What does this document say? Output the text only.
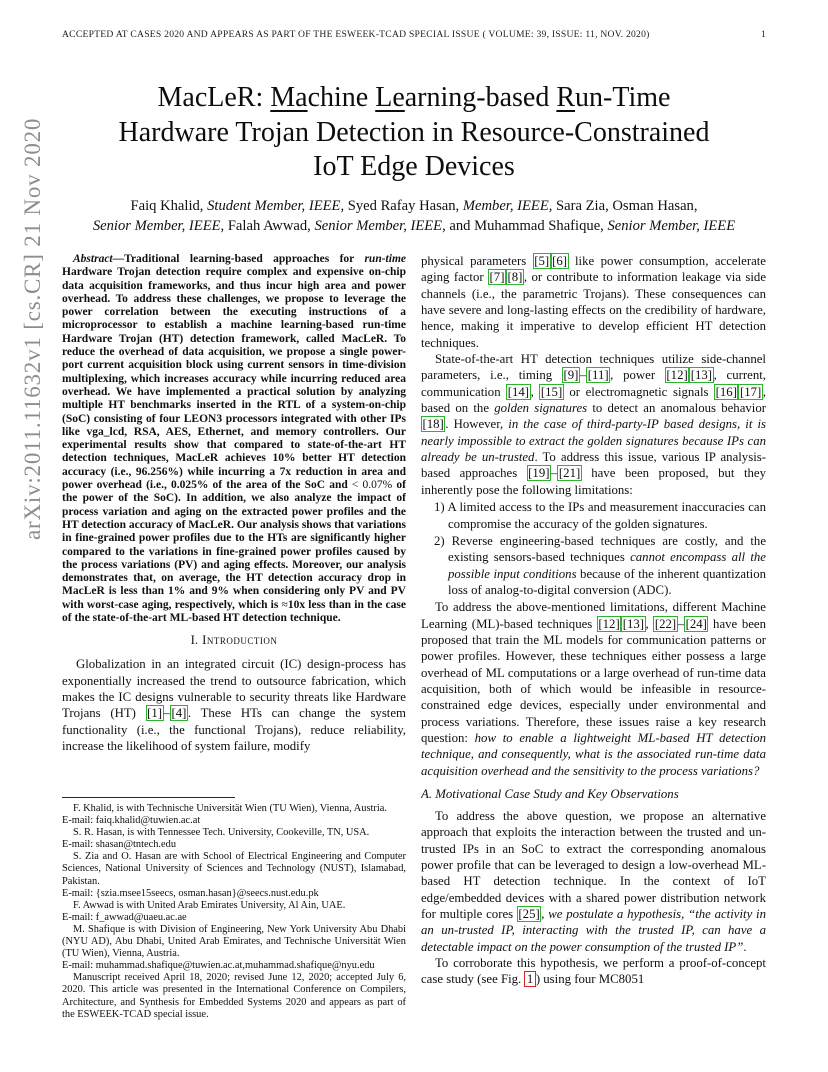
ACCEPTED AT CASES 2020 AND APPEARS AS PART OF THE ESWEEK-TCAD SPECIAL ISSUE ( VOLUME: 39, ISSUE: 11, NOV. 2020)	1
arXiv:2011.11632v1 [cs.CR] 21 Nov 2020
MacLeR: Machine Learning-based Run-Time
Hardware Trojan Detection in Resource-Constrained
IoT Edge Devices
Faiq Khalid, Student Member, IEEE, Syed Rafay Hasan, Member, IEEE, Sara Zia, Osman Hasan,
Senior Member, IEEE, Falah Awwad, Senior Member, IEEE, and Muhammad Shafique, Senior Member, IEEE

Abstract—Traditional learning-based approaches for run-time Hardware Trojan detection require complex and expensive on-chip data acquisition frameworks, and thus incur high area and power overhead. To address these challenges, we propose to leverage the power correlation between the executing instructions of a microprocessor to establish a machine learning-based run-time Hardware Trojan (HT) detection framework, called MacLeR. To reduce the overhead of data acquisition, we propose a single power-port current acquisition block using current sensors in time-division multiplexing, which increases accuracy while incurring reduced area overhead. We have implemented a practical solution by analyzing multiple HT benchmarks inserted in the RTL of a system-on-chip (SoC) consisting of four LEON3 processors integrated with other IPs like vga_lcd, RSA, AES, Ethernet, and memory controllers. Our experimental results show that compared to state-of-the-art HT detection techniques, MacLeR achieves 10% better HT detection accuracy (i.e., 96.256%) while incurring a 7x reduction in area and power overhead (i.e., 0.025% of the area of the SoC and < 0.07% of the power of the SoC). In addition, we also analyze the impact of process variation and aging on the extracted power profiles and the HT detection accuracy of MacLeR. Our analysis shows that variations in fine-grained power profiles due to the HTs are significantly higher compared to the variations in fine-grained power profiles caused by the process variations (PV) and aging effects. Moreover, our analysis demonstrates that, on average, the HT detection accuracy drop in MacLeR is less than 1% and 9% when considering only PV and PV with worst-case aging, respectively, which is ≈10x less than in the case of the state-of-the-art ML-based HT detection technique.

I. Introduction

Globalization in an integrated circuit (IC) design-process has exponentially increased the trend to outsource fabrication, which makes the IC designs vulnerable to security threats like Hardware Trojans (HT) [1] – [4] . These HTs can change the system functionality (i.e., the functional Trojans), reduce reliability, increase the likelihood of system failure, modify

F. Khalid, is with Technische Universität Wien (TU Wien), Vienna, Austria.

E-mail: faiq.khalid@tuwien.ac.at

S. R. Hasan, is with Tennessee Tech. University, Cookeville, TN, USA.

E-mail: shasan@tntech.edu

S. Zia and O. Hasan are with School of Electrical Engineering and Computer Sciences, National University of Sciences and Technology (NUST), Islamabad, Pakistan.

E-mail: {szia.msee15seecs, osman.hasan}@seecs.nust.edu.pk

F. Awwad is with United Arab Emirates University, Al Ain, UAE.

E-mail: f_awwad@uaeu.ac.ae

M. Shafique is with Division of Engineering, New York University Abu Dhabi (NYU AD), Abu Dhabi, United Arab Emirates, and Technische Universität Wien (TU Wien), Vienna, Austria.

E-mail: muhammad.shafique@tuwien.ac.at,muhammad.shafique@nyu.edu

Manuscript received April 18, 2020; revised June 12, 2020; accepted July 6, 2020. This article was presented in the International Conference on Compilers, Architecture, and Synthesis for Embedded Systems 2020 and appears as part of the ESWEEK-TCAD special issue.

physical parameters [5] [6] like power consumption, accelerate aging factor [7] [8] , or contribute to information leakage via side channels (i.e., the parametric Trojans). These consequences can have severe and long-lasting effects on the credibility of hardware, hence, making it imperative to develop efficient HT detection techniques.

State-of-the-art HT detection techniques utilize side-channel parameters, i.e., timing [9] – [11] , power [12] [13] , current, communication [14] , [15] or electromagnetic signals [16] [17] , based on the golden signatures to detect an anomalous behavior [18] . However, in the case of third-party-IP based designs, it is nearly impossible to extract the golden signatures because IPs can already be un-trusted. To address this issue, various IP analysis-based approaches [19] – [21] have been proposed, but they inherently pose the following limitations:

1) A limited access to the IPs and measurement inaccuracies can compromise the accuracy of the golden signatures.

2) Reverse engineering-based techniques are costly, and the existing sensors-based techniques cannot encompass all the possible input conditions because of the inherent quantization loss of analog-to-digital conversion (ADC).

To address the above-mentioned limitations, different Machine Learning (ML)-based techniques [12] [13] , [22] – [24] have been proposed that train the ML models for communication patterns or power profiles. However, these techniques either possess a large overhead of ML computations or a large overhead of run-time data acquisition, both of which would be infeasible in resource-constrained edge devices, especially under environmental and process variations. Therefore, these issues raise a key research question: how to enable a lightweight ML-based HT detection technique, and consequently, what is the associated run-time data acquisition overhead and the sensitivity to the process variations?

A. Motivational Case Study and Key Observations

To address the above question, we propose an alternative approach that exploits the interaction between the trusted and un-trusted IPs in an SoC to extract the corresponding anomalous power profile that can be leveraged to design a low-overhead ML-based HT detection technique. In the context of IoT edge/embedded devices with a shared power distribution network for multiple cores [25] , we postulate a hypothesis, “the activity in an un-trusted IP, interacting with the trusted IP, can have a detectable impact on the power consumption of the trusted IP”.

To corroborate this hypothesis, we perform a proof-of-concept case study (see Fig. 1 ) using four MC8051
